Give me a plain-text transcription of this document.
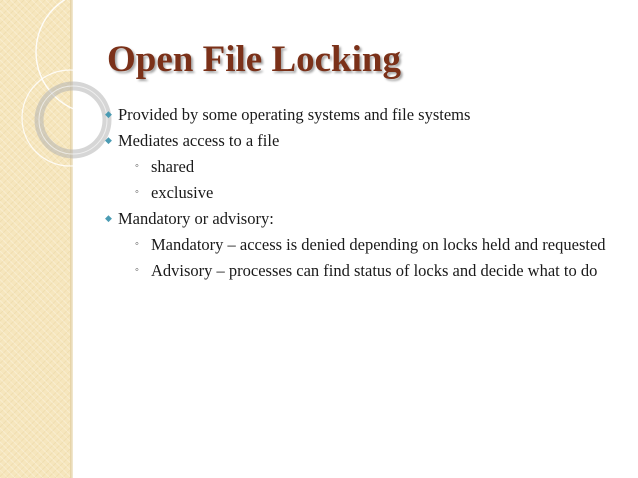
Open File Locking
◆ Provided by some operating systems and file systems
◆ Mediates access to a file
◦ shared
◦ exclusive
◆ Mandatory or advisory:
◦ Mandatory – access is denied depending on locks held and requested
◦ Advisory – processes can find status of locks and decide what to do
